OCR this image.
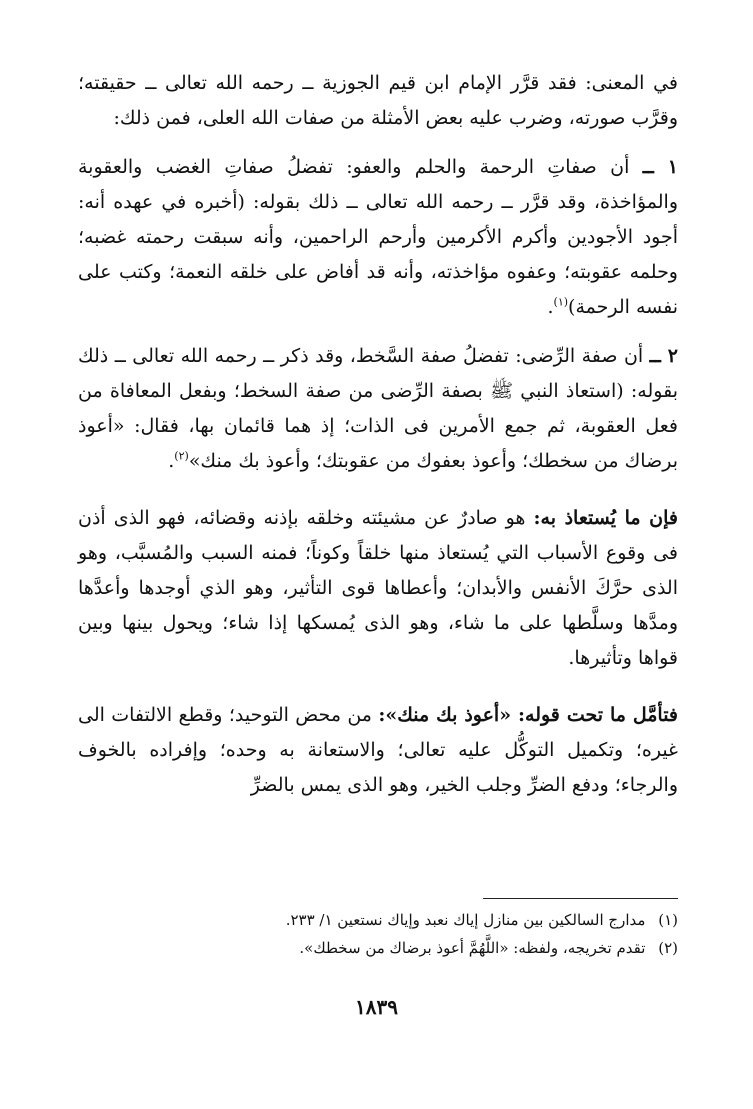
في المعنى: فقد قرَّر الإمام ابن قيم الجوزية ــ رحمه الله تعالى ــ حقيقته؛ وقرَّب صورته، وضرب عليه بعض الأمثلة من صفات الله العلى، فمن ذلك:

١ ــ أن صفاتِ الرحمة والحلم والعفو: تفضلُ صفاتِ الغضب والعقوبة والمؤاخذة، وقد قرَّر ــ رحمه الله تعالى ــ ذلك بقوله: (أخبره في عهده أنه: أجود الأجودين وأكرم الأكرمين وأرحم الراحمين، وأنه سبقت رحمته غضبه؛ وحلمه عقوبته؛ وعفوه مؤاخذته، وأنه قد أفاض على خلقه النعمة؛ وكتب على نفسه الرحمة)$^{(١)}$.

٢ ــ أن صفة الرِّضى: تفضلُ صفة السَّخط، وقد ذكر ــ رحمه الله تعالى ــ ذلك بقوله: (استعاذ النبي ﷺ بصفة الرِّضى من صفة السخط؛ وبفعل المعافاة من فعل العقوبة، ثم جمع الأمرين فى الذات؛ إذ هما قائمان بها، فقال: «أعوذ برضاك من سخطك؛ وأعوذ بعفوك من عقوبتك؛ وأعوذ بك منك»$^{(٢)}$.

فإن ما يُستعاذ به: هو صادرٌ عن مشيئته وخلقه بإذنه وقضائه، فهو الذى أذن فى وقوع الأسباب التي يُستعاذ منها خلقاً وكوناً؛ فمنه السبب والمُسبَّب، وهو الذى حرَّكَ الأنفس والأبدان؛ وأعطاها قوى التأثير، وهو الذي أوجدها وأعدَّها ومدَّها وسلَّطها على ما شاء، وهو الذى يُمسكها إذا شاء؛ ويحول بينها وبين قواها وتأثيرها.

فتأمَّل ما تحت قوله: «أعوذ بك منك»: من محض التوحيد؛ وقطع الالتفات الى غيره؛ وتكميل التوكُّل عليه تعالى؛ والاستعانة به وحده؛ وإفراده بالخوف والرجاء؛ ودفع الضرِّ وجلب الخير، وهو الذى يمس بالضرِّ

(١) مدارج السالكين بين منازل إياك نعبد وإياك نستعين ١/ ٢٣٣.

(٢) تقدم تخريجه، ولفظه: «اللَّهُمَّ أعوذ برضاك من سخطك».

١٨٣٩
